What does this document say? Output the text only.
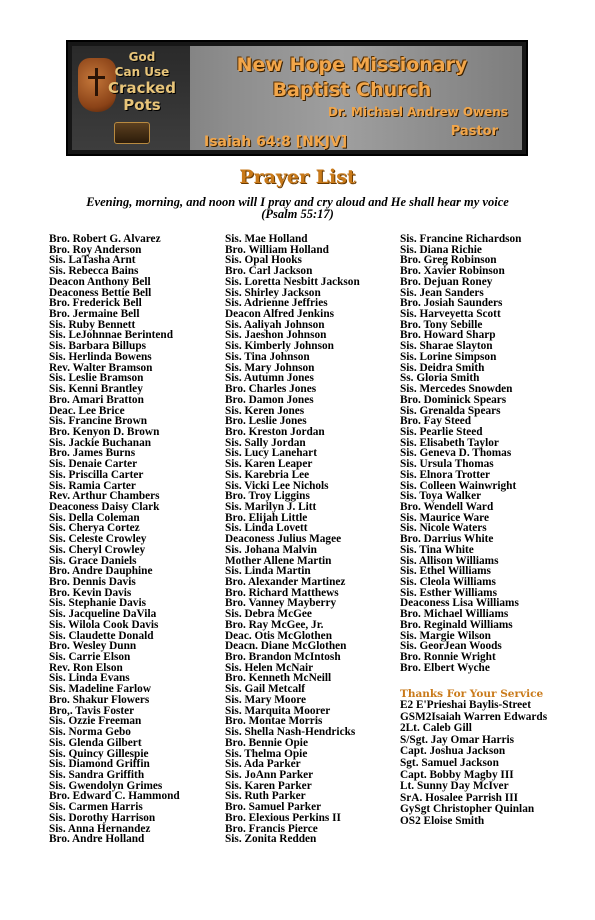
God
Can Use
Cracked
Pots
New Hope Missionary
Baptist Church
Dr. Michael Andrew Owens
Pastor
Isaiah 64:8 [NKJV]
Prayer List
Evening, morning, and noon will I pray and cry aloud and He shall hear my voice
(Psalm 55:17)
Bro. Robert G. Alvarez
Bro. Roy Anderson
Sis. LaTasha Arnt
Sis. Rebecca Bains
Deacon Anthony Bell
Deaconess Bettie Bell
Bro. Frederick Bell
Bro. Jermaine Bell
Sis. Ruby Bennett
Sis. LeJohnnae Berintend
Sis. Barbara Billups
Sis. Herlinda Bowens
Rev. Walter Bramson
Sis. Leslie Bramson
Sis. Kenni Brantley
Bro. Amari Bratton
Deac. Lee Brice
Sis. Francine Brown
Bro. Kenyon D. Brown
Sis. Jackie Buchanan
Bro. James Burns
Sis. Denaie Carter
Sis. Priscilla Carter
Sis. Ramia Carter
Rev. Arthur Chambers
Deaconess Daisy Clark
Sis. Della Coleman
Sis. Cherya Cortez
Sis. Celeste Crowley
Sis. Cheryl Crowley
Sis. Grace Daniels
Bro. Andre Dauphine
Bro. Dennis Davis
Bro. Kevin Davis
Sis. Stephanie Davis
Sis. Jacqueline DaVila
Sis. Wilola Cook Davis
Sis. Claudette Donald
Bro. Wesley Dunn
Sis. Carrie Elson
Rev. Ron Elson
Sis. Linda Evans
Sis. Madeline Farlow
Bro. Shakur Flowers
Bro,. Tavis Foster
Sis. Ozzie Freeman
Sis. Norma Gebo
Sis. Glenda Gilbert
Sis. Quincy Gillespie
Sis. Diamond Griffin
Sis. Sandra Griffith
Sis. Gwendolyn Grimes
Bro. Edward C. Hammond
Sis. Carmen Harris
Sis. Dorothy Harrison
Sis. Anna Hernandez
Bro. Andre Holland
Sis. Mae Holland
Bro. William Holland
Sis. Opal Hooks
Bro. Carl Jackson
Sis. Loretta Nesbitt Jackson
Sis. Shirley Jackson
Sis. Adrienne Jeffries
Deacon Alfred Jenkins
Sis. Aaliyah Johnson
Sis. Jaeshon Johnson
Sis. Kimberly Johnson
Sis. Tina Johnson
Sis. Mary Johnson
Sis. Autumn Jones
Bro. Charles Jones
Bro. Damon Jones
Sis. Keren Jones
Bro. Leslie Jones
Bro. Kreston Jordan
Sis. Sally Jordan
Sis. Lucy Lanehart
Sis. Karen Leaper
Sis. Karebria Lee
Sis. Vicki Lee Nichols
Bro. Troy Liggins
Sis. Marilyn J. Litt
Bro. Elijah Little
Sis. Linda Lovett
Deaconess Julius Magee
Sis. Johana Malvin
Mother Allene Martin
Sis. Linda Martin
Bro. Alexander Martinez
Bro. Richard Matthews
Bro. Vanney Mayberry
Sis. Debra McGee
Bro. Ray McGee, Jr.
Deac. Otis McGlothen
Deacn. Diane McGlothen
Bro. Brandon McIntosh
Sis. Helen McNair
Bro. Kenneth McNeill
Sis. Gail Metcalf
Sis. Mary Moore
Sis. Marquita Moorer
Bro. Montae Morris
Sis. Shella Nash-Hendricks
Bro. Bennie Opie
Sis. Thelma Opie
Sis. Ada Parker
Sis. JoAnn Parker
Sis. Karen Parker
Sis. Ruth Parker
Bro. Samuel Parker
Bro. Elexious Perkins II
Bro. Francis Pierce
Sis. Zonita Redden
Sis. Francine Richardson
Sis. Diana Richie
Bro. Greg Robinson
Bro. Xavier Robinson
Bro. Dejuan Roney
Sis. Jean Sanders
Bro. Josiah Saunders
Sis. Harveyetta Scott
Bro. Tony Sebille
Bro. Howard Sharp
Sis. Sharae Slayton
Sis. Lorine Simpson
Sis. Deidra Smith
Ss. Gloria Smith
Sis. Mercedes Snowden
Bro. Dominick Spears
Sis. Grenalda Spears
Bro. Fay Steed
Sis. Pearlie Steed
Sis. Elisabeth Taylor
Sis. Geneva D. Thomas
Sis. Ursula Thomas
Sis. Elnora Trotter
Sis. Colleen Wainwright
Sis. Toya Walker
Bro. Wendell Ward
Sis. Maurice Ware
Sis. Nicole Waters
Bro. Darrius White
Sis. Tina White
Sis. Allison Williams
Sis. Ethel Williams
Sis. Cleola Williams
Sis. Esther Williams
Deaconess Lisa Williams
Bro. Michael Williams
Bro. Reginald Williams
Sis. Margie Wilson
Sis. GeorJean Woods
Bro. Ronnie Wright
Bro. Elbert Wyche
Thanks For Your Service
E2 E'Prieshai Baylis-Street
GSM2Isaiah Warren Edwards
2Lt. Caleb Gill
S/Sgt. Jay Omar Harris
Capt. Joshua Jackson
Sgt. Samuel Jackson
Capt. Bobby Magby III
Lt. Sunny Day McIver
SrA. Hosalee Parrish III
GySgt Christopher Quinlan
OS2 Eloise Smith
